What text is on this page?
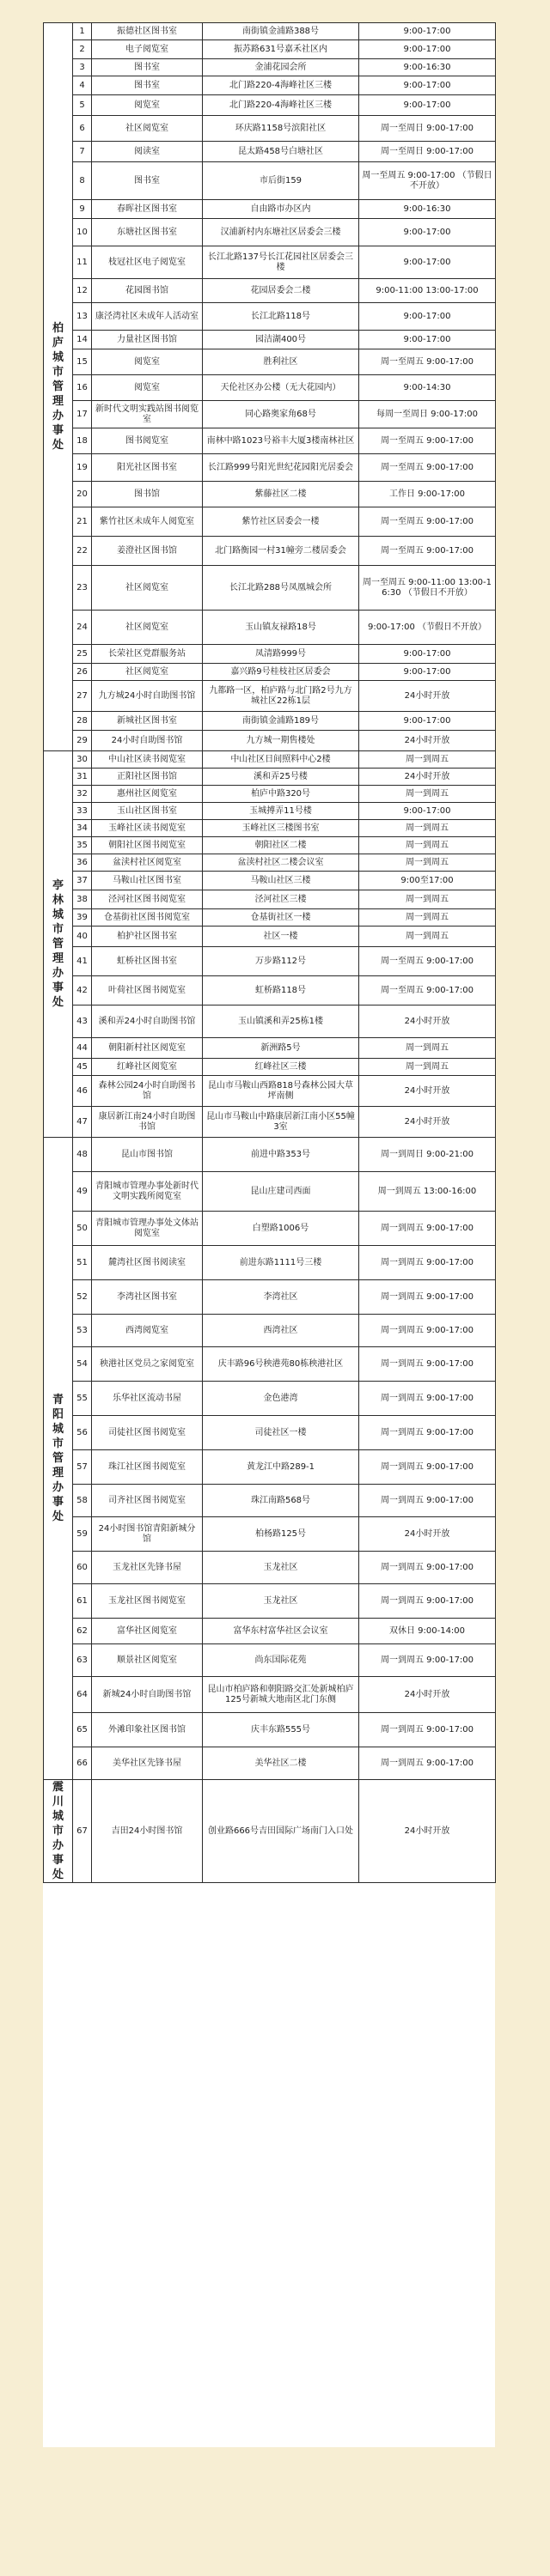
柏庐城市管理办事处	1	振德社区图书室	南街镇金浦路388号	9:00-17:00
	2	电子阅览室	振苏路631号嘉禾社区内	9:00-17:00
	3	图书室	金浦花园会所	9:00-16:30
	4	图书室	北门路220-4海峰社区三楼	9:00-17:00
	5	阅览室	北门路220-4海峰社区三楼	9:00-17:00
	6	社区阅览室	环庆路1158号滨阳社区	周一至周日 9:00-17:00
	7	阅读室	昆太路458号白塘社区	周一至周日 9:00-17:00
	8	图书室	市后街159	周一至周五 9:00-17:00 （节假日不开放）
	9	春晖社区图书室	自由路市办区内	9:00-16:30
	10	东塘社区图书室	汉浦新村内东塘社区居委会三楼	9:00-17:00
	11	枝冠社区电子阅览室	长江北路137号长江花园社区居委会三楼	9:00-17:00
	12	花园图书馆	花园居委会二楼	9:00-11:00 13:00-17:00
	13	康泾湾社区未成年人活动室	长江北路118号	9:00-17:00
	14	力量社区图书馆	园洁湖400号	9:00-17:00
	15	阅览室	胜利社区	周一至周五 9:00-17:00
	16	阅览室	天伦社区办公楼（无大花园内）	9:00-14:30
	17	新时代文明实践站图书阅览室	同心路奥家角68号	每周一至周日 9:00-17:00
	18	图书阅览室	南林中路1023号裕丰大厦3楼南林社区	周一至周五 9:00-17:00
	19	阳光社区图书室	长江路999号阳光世纪花园阳光居委会	周一至周五 9:00-17:00
	20	图书馆	紫藤社区二楼	工作日 9:00-17:00
	21	紫竹社区未成年人阅览室	紫竹社区居委会一楼	周一至周五 9:00-17:00
	22	姜澄社区图书馆	北门路衡园一村31幢旁二楼居委会	周一至周五 9:00-17:00
	23	社区阅览室	长江北路288号凤凰城会所	周一至周五 9:00-11:00 13:00-16:30 （节假日不开放）
	24	社区阅览室	玉山镇友禄路18号	9:00-17:00 （节假日不开放）
	25	长荣社区党群服务站	凤清路999号	9:00-17:00
	26	社区阅览室	嘉兴路9号桂枝社区居委会	9:00-17:00
	27	九方城24小时自助图书馆	九都路一区，柏庐路与北门路2号九方城社区22栋1层	24小时开放
	28	新城社区图书室	南街镇金浦路189号	9:00-17:00
	29	24小时自助图书馆	九方城一期售楼处	24小时开放
亭林城市管理办事处	30	中山社区读书阅览室	中山社区日间照料中心2楼	周一到周五
	31	正阳社区图书馆	溪和弄25号楼	24小时开放
	32	惠州社区阅览室	柏庐中路320号	周一到周五
	33	玉山社区图书室	玉城搏弄11号楼	9:00-17:00
	34	玉峰社区读书阅览室	玉峰社区三楼图书室	周一到周五
	35	朝阳社区图书阅览室	朝阳社区二楼	周一到周五
	36	盆渎村社区阅览室	盆渎村社区二楼会议室	周一到周五
	37	马鞍山社区图书室	马鞍山社区三楼	9:00至17:00
	38	泾河社区图书阅览室	泾河社区三楼	周一到周五
	39	仓基街社区图书阅览室	仓基街社区一楼	周一到周五
	40	柏护社区图书室	社区一楼	周一到周五
	41	虹桥社区图书室	万步路112号	周一至周五 9:00-17:00
	42	叶荷社区图书阅览室	虹桥路118号	周一至周五 9:00-17:00
	43	溪和弄24小时自助图书馆	玉山镇溪和弄25栋1楼	24小时开放
	44	朝阳新村社区阅览室	新洲路5号	周一到周五
	45	红峰社区阅览室	红峰社区三楼	周一到周五
	46	森林公园24小时自助图书馆	昆山市马鞍山西路818号森林公园大草坪南侧	24小时开放
	47	康居新江南24小时自助图书馆	昆山市马鞍山中路康居新江南小区55幢3室	24小时开放
青阳城市管理办事处	48	昆山市图书馆	前进中路353号	周一到周日 9:00-21:00
	49	青阳城市管理办事处新时代文明实践所阅览室	昆山庄建司西面	周一到周五 13:00-16:00
	50	青阳城市管理办事处文体站阅览室	白塑路1006号	周一到周五 9:00-17:00
	51	麓湾社区图书阅读室	前进东路1111号三楼	周一到周五 9:00-17:00
	52	李湾社区图书室	李湾社区	周一到周五 9:00-17:00
	53	西湾阅览室	西湾社区	周一到周五 9:00-17:00
	54	秧港社区党员之家阅览室	庆丰路96号秧港苑80栋秧港社区	周一到周五 9:00-17:00
	55	乐华社区流动书屋	金色港湾	周一到周五 9:00-17:00
	56	司徒社区图书阅览室	司徒社区一楼	周一到周五 9:00-17:00
	57	珠江社区图书阅览室	黄龙江中路289-1	周一到周五 9:00-17:00
	58	司齐社区图书阅览室	珠江南路568号	周一到周五 9:00-17:00
	59	24小时图书馆青阳新城分馆	柏杨路125号	24小时开放
	60	玉龙社区先锋书屋	玉龙社区	周一到周五 9:00-17:00
	61	玉龙社区图书阅览室	玉龙社区	周一到周五 9:00-17:00
	62	富华社区阅览室	富华东村富华社区会议室	双休日 9:00-14:00
	63	顺景社区阅览室	尚东国际花苑	周一到周五 9:00-17:00
	64	新城24小时自助图书馆	昆山市柏庐路和朝阳路交汇处新城柏庐125号新城大地南区北门东侧	24小时开放
	65	外滩印象社区图书馆	庆丰东路555号	周一到周五 9:00-17:00
	66	美华社区先锋书屋	美华社区二楼	周一到周五 9:00-17:00
震川城市办事处	67	吉田24小时图书馆	创业路666号吉田国际广场南门入口处	24小时开放
